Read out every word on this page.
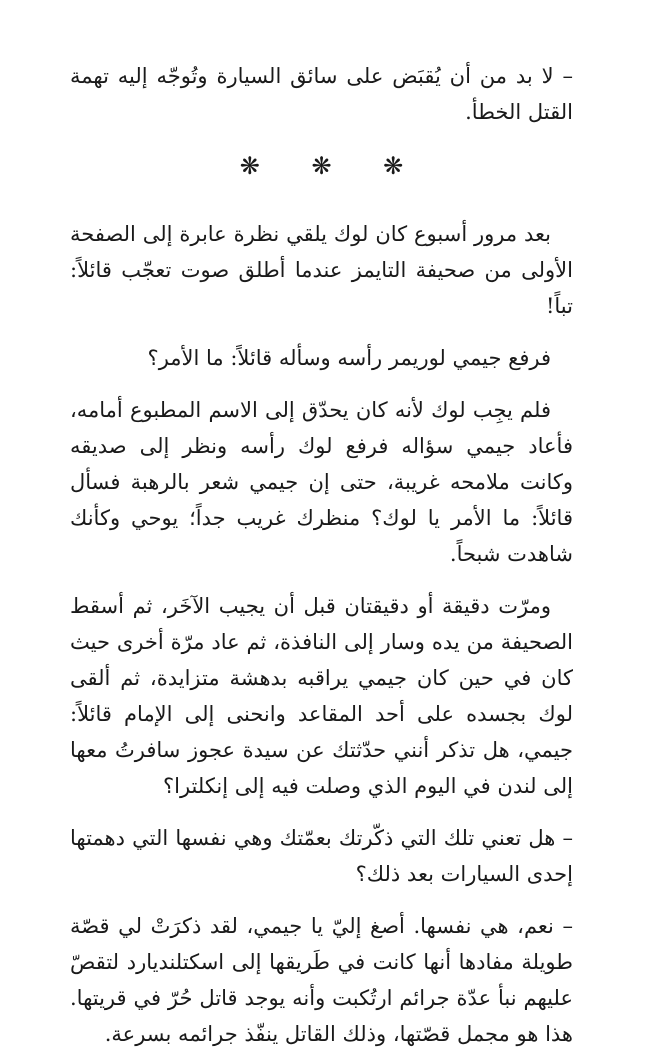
– لا بد من أن يُقبَض على سائق السيارة وتُوجّه إليه تهمة القتل الخطأ.

❋ ❋ ❋

بعد مرور أسبوع كان لوك يلقي نظرة عابرة إلى الصفحة الأولى من صحيفة التايمز عندما أطلق صوت تعجّب قائلاً: تباً!

فرفع جيمي لوريمر رأسه وسأله قائلاً: ما الأمر؟

فلم يجِب لوك لأنه كان يحدّق إلى الاسم المطبوع أمامه، فأعاد جيمي سؤاله فرفع لوك رأسه ونظر إلى صديقه وكانت ملامحه غريبة، حتى إن جيمي شعر بالرهبة فسأل قائلاً: ما الأمر يا لوك؟ منظرك غريب جداً؛ يوحي وكأنك شاهدت شبحاً.

ومرّت دقيقة أو دقيقتان قبل أن يجيب الآخَر، ثم أسقط الصحيفة من يده وسار إلى النافذة، ثم عاد مرّة أخرى حيث كان في حين كان جيمي يراقبه بدهشة متزايدة، ثم ألقى لوك بجسده على أحد المقاعد وانحنى إلى الإمام قائلاً: جيمي، هل تذكر أنني حدّثتك عن سيدة عجوز سافرتُ معها إلى لندن في اليوم الذي وصلت فيه إلى إنكلترا؟

– هل تعني تلك التي ذكّرتك بعمّتك وهي نفسها التي دهمتها إحدى السيارات بعد ذلك؟

– نعم، هي نفسها. أصغ إليّ يا جيمي، لقد ذكرَتْ لي قصّة طويلة مفادها أنها كانت في طَريقها إلى اسكتلنديارد لتقصّ عليهم نبأ عدّة جرائم ارتُكبت وأنه يوجد قاتل حُرّ في قريتها. هذا هو مجمل قصّتها، وذلك القاتل ينفّذ جرائمه بسرعة.
